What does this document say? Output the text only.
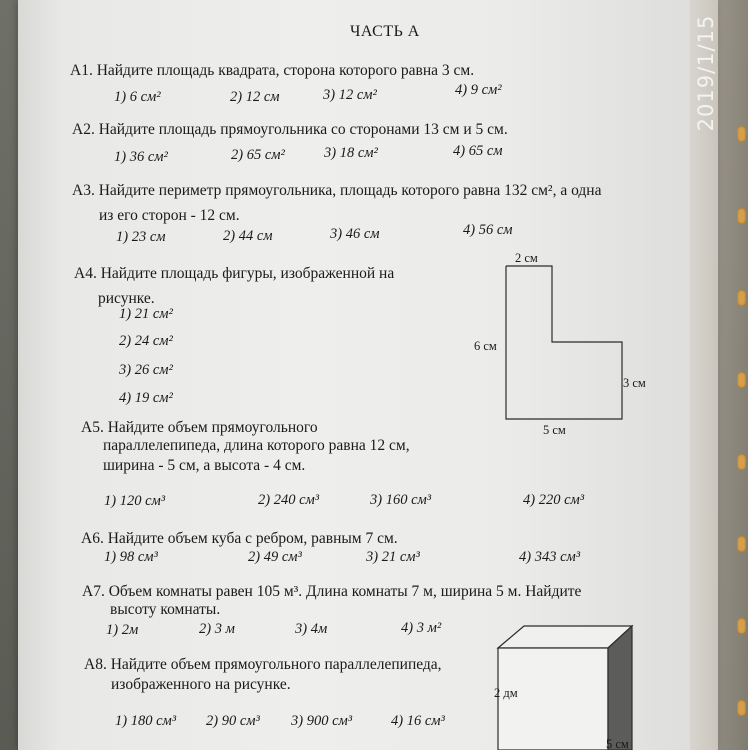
ЧАСТЬ А
А1. Найдите площадь квадрата, сторона которого равна 3 см.
1) 6 см²	2) 12 см	3) 12 см²	4) 9 см²
А2. Найдите площадь прямоугольника со сторонами 13 см и 5 см.
1) 36 см²	2) 65 см²	3) 18 см²	4) 65 см
А3. Найдите периметр прямоугольника, площадь которого равна 132 см², а одна
из его сторон - 12 см.
1) 23 см	2) 44 см	3) 46 см	4) 56 см
А4. Найдите площадь фигуры, изображенной на
рисунке.
1) 21 см²
2) 24 см²
3) 26 см²
4) 19 см²
2 см
6 см
3 см
5 см
А5. Найдите объем прямоугольного
параллелепипеда, длина которого равна 12 см,
ширина - 5 см, а высота - 4 см.
1) 120 см³	2) 240 см³	3) 160 см³	4) 220 см³
А6. Найдите объем куба с ребром, равным 7 см.
1) 98 см³	2) 49 см³	3) 21 см³	4) 343 см³
А7. Объем комнаты равен 105 м³. Длина комнаты 7 м, ширина 5 м. Найдите
высоту комнаты.
1) 2м	2) 3 м	3) 4м	4) 3 м²
А8. Найдите объем прямоугольного параллелепипеда,
изображенного на рисунке.
1) 180 см³ 2) 90 см³ 3) 900 см³	4) 16 см³
2 дм
5 см
2019/1/15
